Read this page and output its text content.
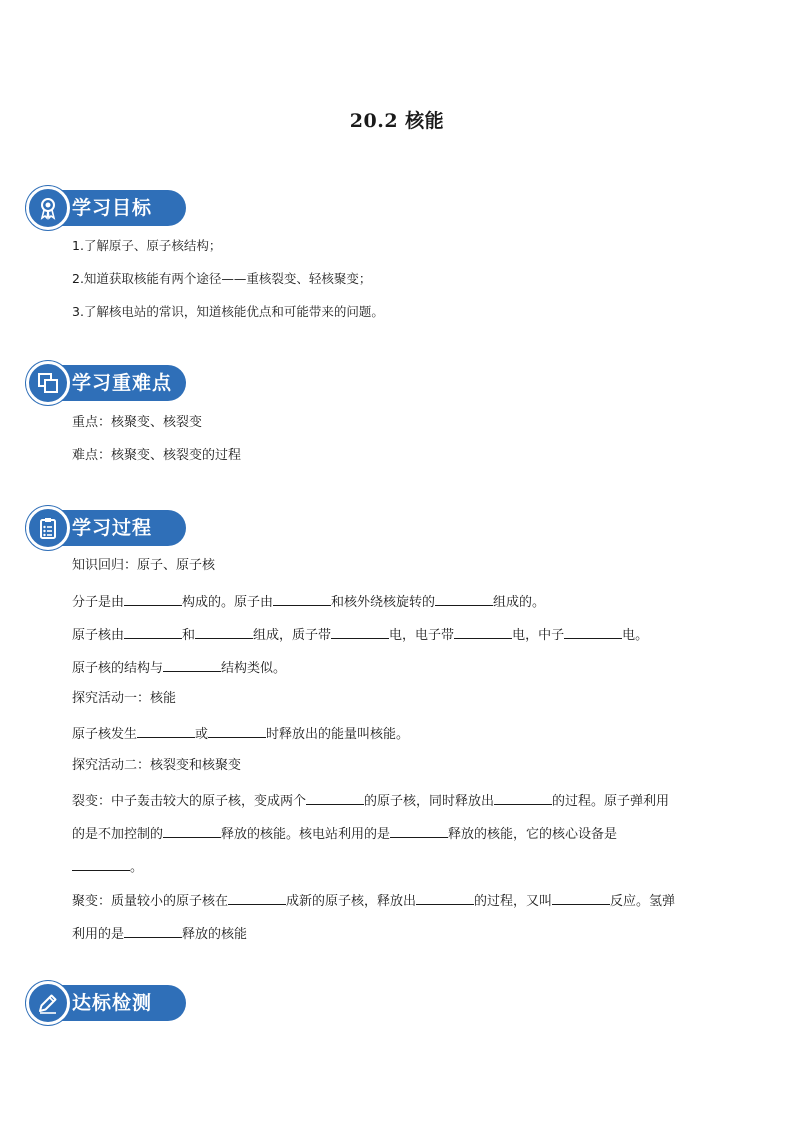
20.2 核能
学习目标
1.了解原子、原子核结构；
2.知道获取核能有两个途径——重核裂变、轻核聚变；
3.了解核电站的常识，知道核能优点和可能带来的问题。
学习重难点
重点：核聚变、核裂变
难点：核聚变、核裂变的过程
学习过程
知识回归：原子、原子核
分子是由	构成的。原子由	和核外绕核旋转的	组成的。
原子核由	和	组成，质子带	电，电子带	电，中子	电。
原子核的结构与	结构类似。
探究活动一：核能
原子核发生	或	时释放出的能量叫核能。
探究活动二：核裂变和核聚变
裂变：中子轰击较大的原子核，变成两个	的原子核，同时释放出	的过程。原子弹利用
的是不加控制的	释放的核能。核电站利用的是	释放的核能，它的核心设备是
。
聚变：质量较小的原子核在	成新的原子核，释放出	的过程，又叫	反应。氢弹
利用的是	释放的核能
达标检测
